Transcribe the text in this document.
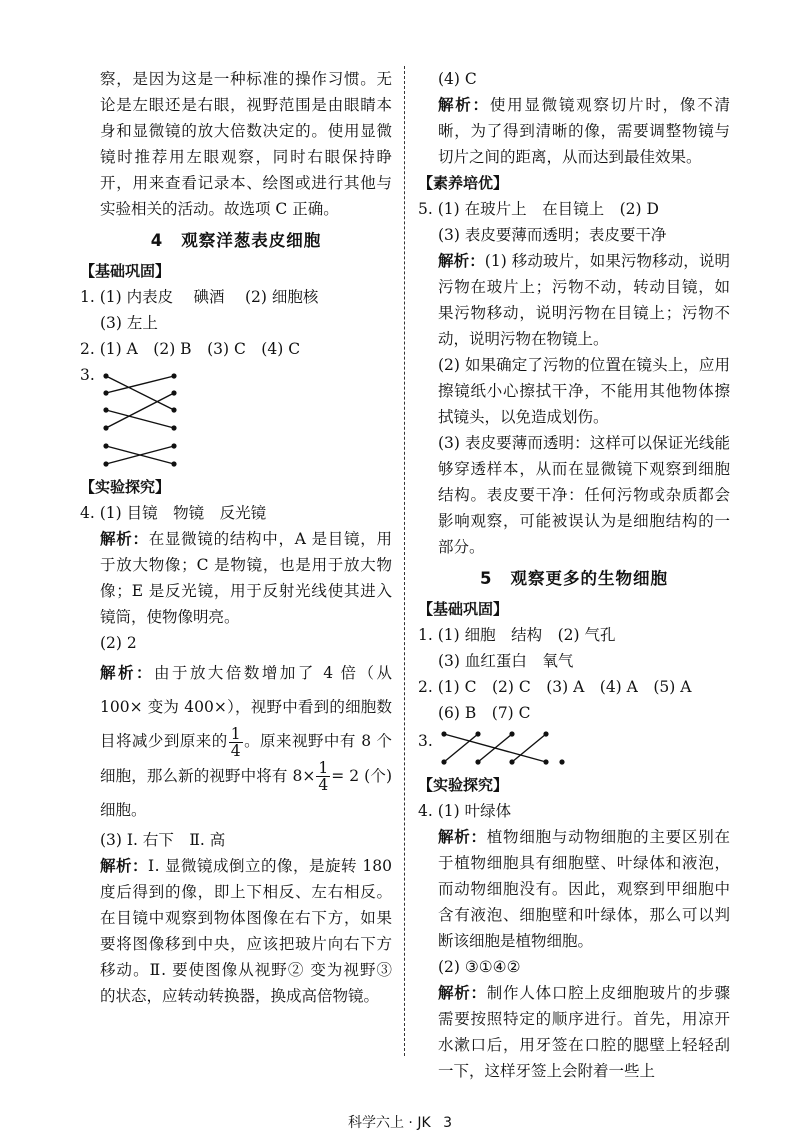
察，是因为这是一种标准的操作习惯。无论是左眼还是右眼，视野范围是由眼睛本身和显微镜的放大倍数决定的。使用显微镜时推荐用左眼观察，同时右眼保持睁开，用来查看记录本、绘图或进行其他与实验相关的活动。故选项 C 正确。

4 观察洋葱表皮细胞

【基础巩固】

1. (1) 内表皮　 碘酒　 (2) 细胞核

(3) 左上

2. (1) A　(2) B　(3) C　(4) C

3.

【实验探究】

4. (1) 目镜　物镜　反光镜

解析：在显微镜的结构中，A 是目镜，用于放大物像；C 是物镜，也是用于放大物像；E 是反光镜，用于反射光线使其进入镜筒，使物像明亮。

(2) 2

解析：由于放大倍数增加了 4 倍（从 100× 变为 400×），视野中看到的细胞数目将减少到原来的 $\frac{1}{4}$ 。原来视野中有 8 个细胞，那么新的视野中将有 $8\times \frac{1}{4} = 2$ (个) 细胞。

(3) Ⅰ. 右下　Ⅱ. 高

解析：Ⅰ. 显微镜成倒立的像，是旋转 180 度后得到的像，即上下相反、左右相反。在目镜中观察到物体图像在右下方，如果要将图像移到中央，应该把玻片向右下方移动。Ⅱ. 要使图像从视野② 变为视野③ 的状态，应转动转换器，换成高倍物镜。

(4) C

解析：使用显微镜观察切片时，像不清晰，为了得到清晰的像，需要调整物镜与切片之间的距离，从而达到最佳效果。

【素养培优】

5. (1) 在玻片上　在目镜上　(2) D

(3) 表皮要薄而透明；表皮要干净

解析：(1) 移动玻片，如果污物移动，说明污物在玻片上；污物不动，转动目镜，如果污物移动，说明污物在目镜上；污物不动，说明污物在物镜上。

(2) 如果确定了污物的位置在镜头上，应用擦镜纸小心擦拭干净，不能用其他物体擦拭镜头，以免造成划伤。

(3) 表皮要薄而透明：这样可以保证光线能够穿透样本，从而在显微镜下观察到细胞结构。表皮要干净：任何污物或杂质都会影响观察，可能被误认为是细胞结构的一部分。

5 观察更多的生物细胞

【基础巩固】

1. (1) 细胞　结构　(2) 气孔

(3) 血红蛋白　氧气

2. (1) C　(2) C　(3) A　(4) A　(5) A

(6) B　(7) C

3.

【实验探究】

4. (1) 叶绿体

解析：植物细胞与动物细胞的主要区别在于植物细胞具有细胞壁、叶绿体和液泡，而动物细胞没有。因此，观察到甲细胞中含有液泡、细胞壁和叶绿体，那么可以判断该细胞是植物细胞。

(2) ③①④②

解析：制作人体口腔上皮细胞玻片的步骤需要按照特定的顺序进行。首先，用凉开水漱口后，用牙签在口腔的腮壁上轻轻刮一下，这样牙签上会附着一些上

科学六上 · JK 3
